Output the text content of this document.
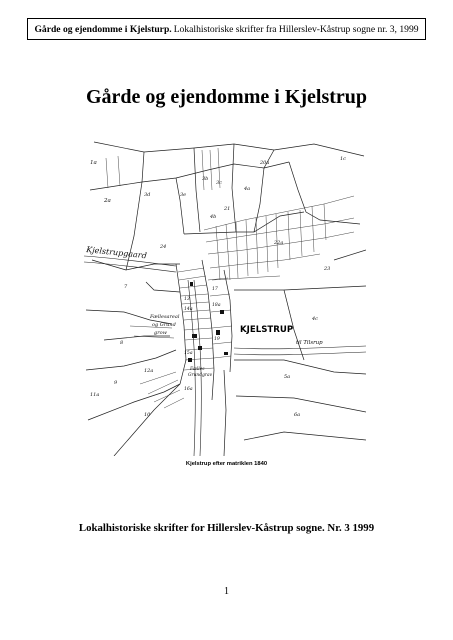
Gårde og ejendomme i Kjelsturp. Lokalhistoriske skrifter fra Hillerslev-Kåstrup sogne nr. 3, 1999
Gårde og ejendomme i Kjelstrup
KJELSTRUP
Kjelstrupgaard
til Tilsrup
Fællesareal
og Grund
grow
Fælles
Grundgrav
1a
2a
3b
3c
3d	3e
4a
4b
4c
5a
6a
7
8
9
10
11a
12a
13
14a
15a
16a
17
18a
19
20a
21
22a
23
24
1c
Kjelstrup efter matriklen 1840
Lokalhistoriske skrifter for Hillerslev-Kåstrup sogne. Nr. 3 1999
1
